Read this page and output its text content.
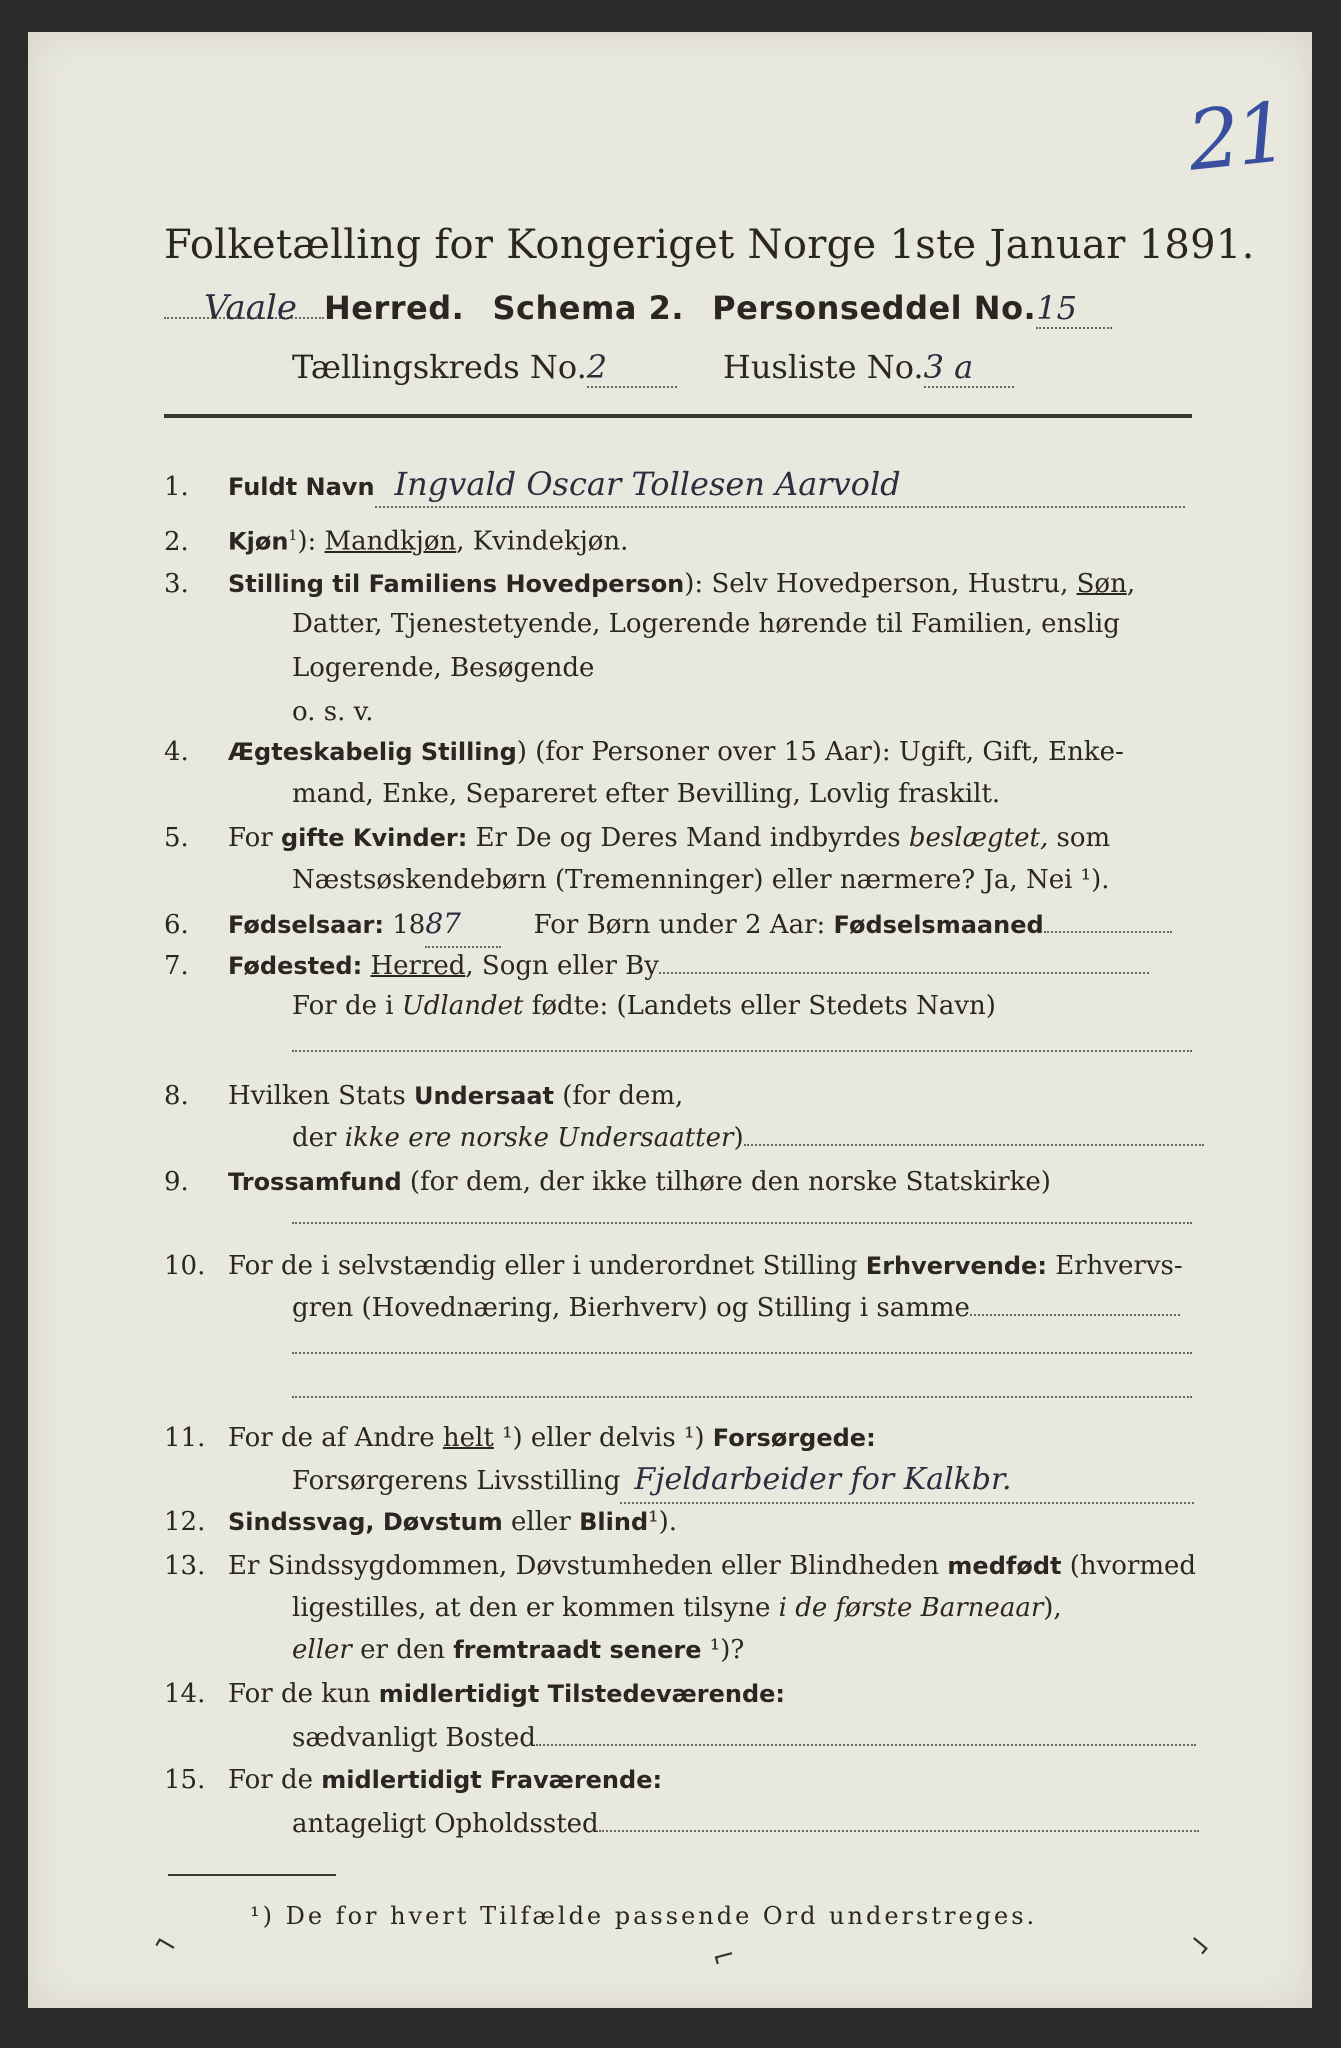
21
Folketælling for Kongeriget Norge 1ste Januar 1891.
Vaale Herred. Schema 2. Personseddel No.15
Tællingskreds No.2	Husliste No.3 a
1. Fuldt Navn Ingvald Oscar Tollesen Aarvold
2. Kjøn$^1$): Mandkjøn, Kvindekjøn.
3. Stilling til Familiens Hovedperson): Selv Hovedperson, Hustru, Søn,
Datter, Tjenestetyende, Logerende hørende til Familien, enslig
Logerende, Besøgende
o. s. v.
4. Ægteskabelig Stilling) (for Personer over 15 Aar): Ugift, Gift, Enke-
mand, Enke, Separeret efter Bevilling, Lovlig fraskilt.
5. For gifte Kvinder: Er De og Deres Mand indbyrdes beslægtet, som
Næstsøskendebørn (Tremenninger) eller nærmere? Ja, Nei ¹).
6. Fødselsaar: 1887	For Børn under 2 Aar: Fødselsmaaned
7. Fødested: Herred, Sogn eller By
For de i Udlandet fødte: (Landets eller Stedets Navn)
8. Hvilken Stats Undersaat (for dem,
der ikke ere norske Undersaatter)
9. Trossamfund (for dem, der ikke tilhøre den norske Statskirke)
10. For de i selvstændig eller i underordnet Stilling Erhvervende: Erhvervs-
gren (Hovednæring, Bierhverv) og Stilling i samme
11. For de af Andre helt ¹) eller delvis ¹) Forsørgede:
Forsørgerens Livsstilling Fjeldarbeider for Kalkbr.
12. Sindssvag, Døvstum eller Blind¹).
13. Er Sindssygdommen, Døvstumheden eller Blindheden medfødt (hvormed
ligestilles, at den er kommen tilsyne i de første Barneaar),
eller er den fremtraadt senere ¹)?
14. For de kun midlertidigt Tilstedeværende:
sædvanligt Bosted
15. For de midlertidigt Fraværende:
antageligt Opholdssted
¹) De for hvert Tilfælde passende Ord understreges.
⌐	⌐	¬
